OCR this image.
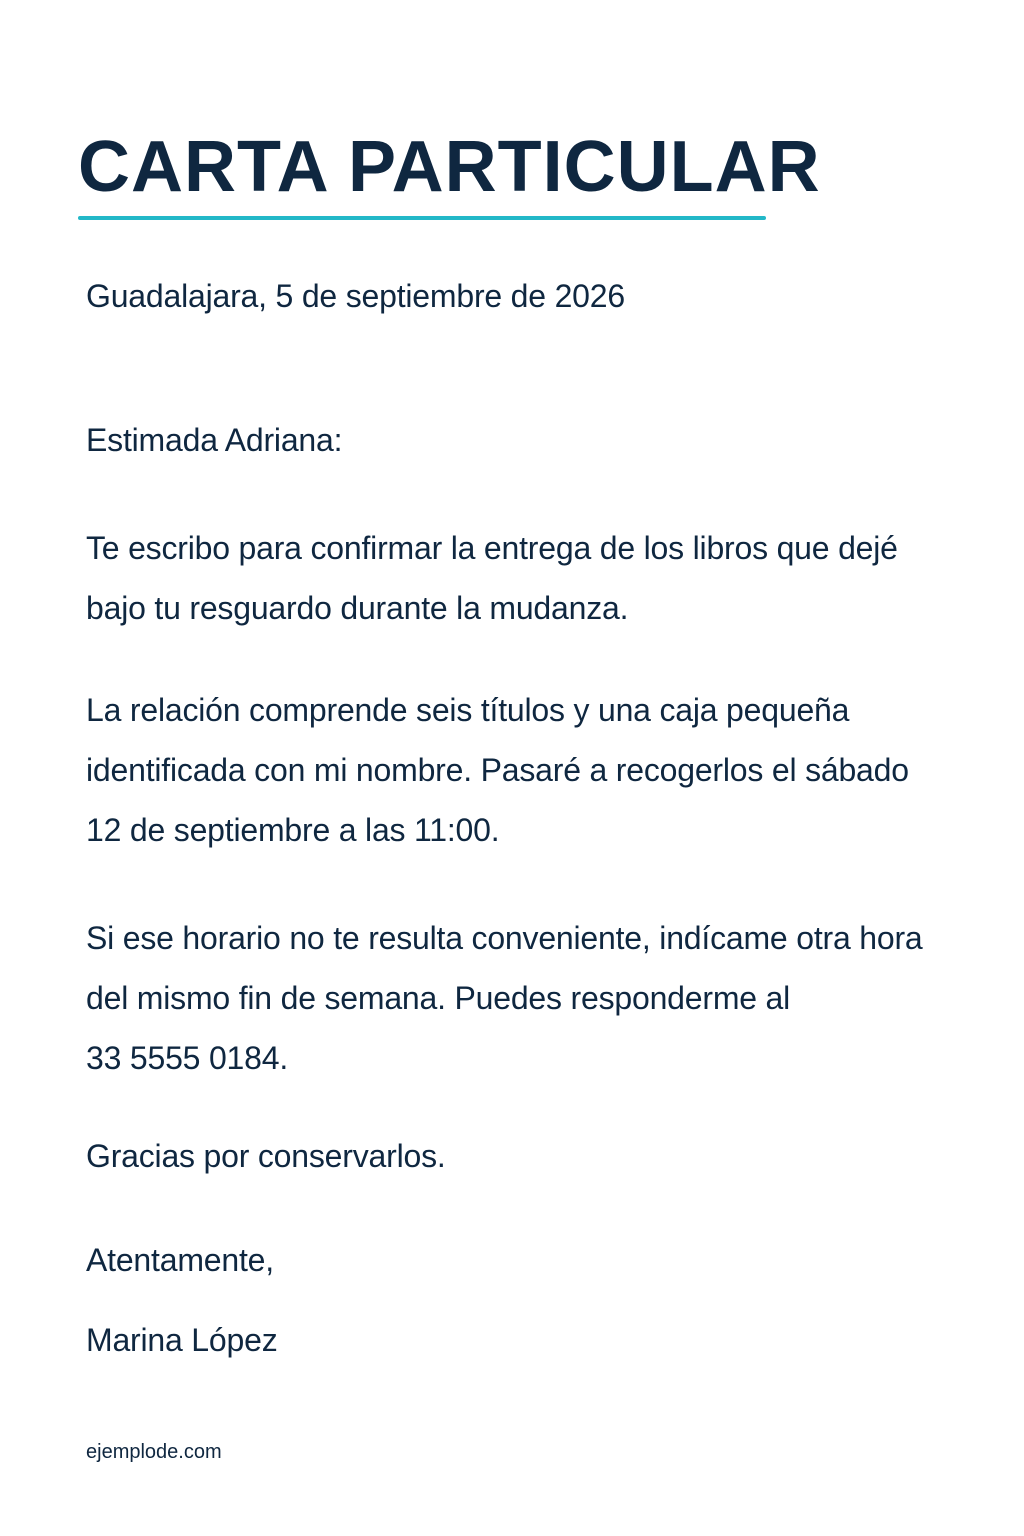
CARTA PARTICULAR

Guadalajara, 5 de septiembre de 2026

Estimada Adriana:

Te escribo para confirmar la entrega de los libros que dejé
bajo tu resguardo durante la mudanza.

La relación comprende seis títulos y una caja pequeña
identificada con mi nombre. Pasaré a recogerlos el sábado
12 de septiembre a las 11:00.

Si ese horario no te resulta conveniente, indícame otra hora
del mismo fin de semana. Puedes responderme al
33 5555 0184.

Gracias por conservarlos.

Atentamente,

Marina López

ejemplode.com
